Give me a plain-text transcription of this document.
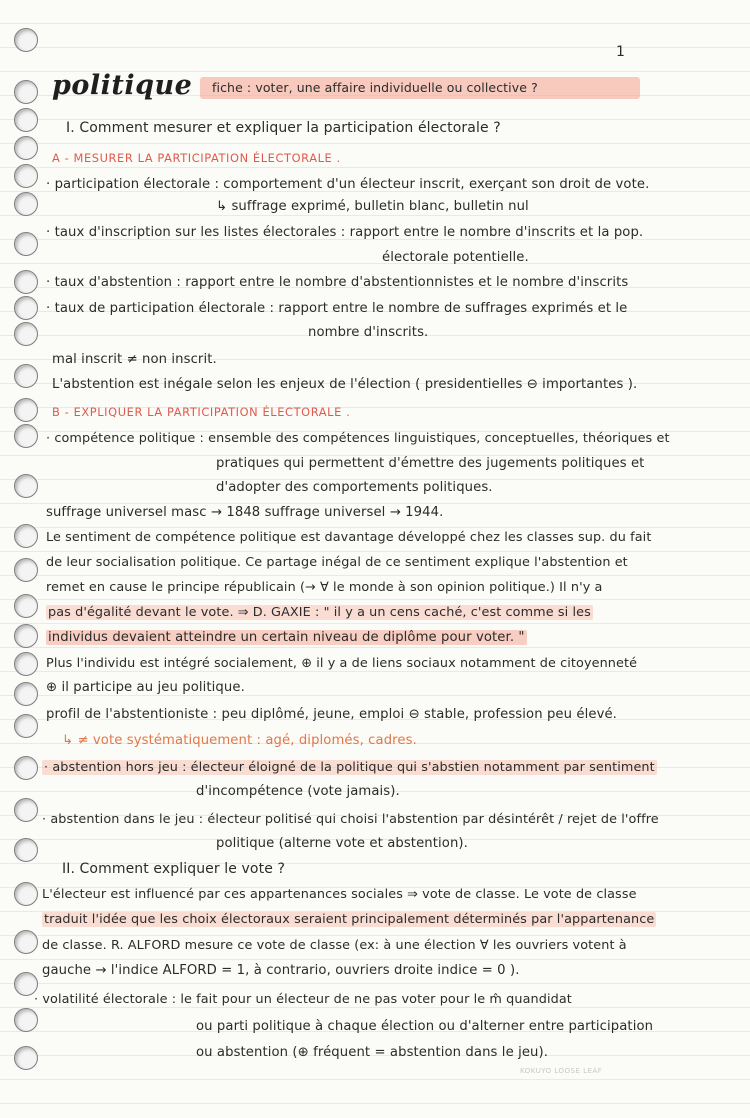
1
politique fiche : voter, une affaire individuelle ou collective ?
I. Comment mesurer et expliquer la participation électorale ?
A - MESURER LA PARTICIPATION ÉLECTORALE .
· participation électorale : comportement d'un électeur inscrit, exerçant son droit de vote.
↳ suffrage exprimé, bulletin blanc, bulletin nul
· taux d'inscription sur les listes électorales : rapport entre le nombre d'inscrits et la pop.
électorale potentielle.
· taux d'abstention : rapport entre le nombre d'abstentionnistes et le nombre d'inscrits
· taux de participation électorale : rapport entre le nombre de suffrages exprimés et le
nombre d'inscrits.
mal inscrit ≠ non inscrit.
L'abstention est inégale selon les enjeux de l'élection ( presidentielles ⊖ importantes ).
B - EXPLIQUER LA PARTICIPATION ÉLECTORALE .
· compétence politique : ensemble des compétences linguistiques, conceptuelles, théoriques et
pratiques qui permettent d'émettre des jugements politiques et
d'adopter des comportements politiques.
suffrage universel masc → 1848 suffrage universel → 1944.
Le sentiment de compétence politique est davantage développé chez les classes sup. du fait
de leur socialisation politique. Ce partage inégal de ce sentiment explique l'abstention et
remet en cause le principe républicain (→ ∀ le monde à son opinion politique.) Il n'y a
pas d'égalité devant le vote. ⇒ D. GAXIE : " il y a un cens caché, c'est comme si les
individus devaient atteindre un certain niveau de diplôme pour voter. "
Plus l'individu est intégré socialement, ⊕ il y a de liens sociaux notamment de citoyenneté
⊕ il participe au jeu politique.
profil de l'abstentioniste : peu diplômé, jeune, emploi ⊖ stable, profession peu élevé.
↳ ≠ vote systématiquement : agé, diplomés, cadres.
· abstention hors jeu : électeur éloigné de la politique qui s'abstien notamment par sentiment
d'incompétence (vote jamais).
· abstention dans le jeu : électeur politisé qui choisi l'abstention par désintérêt / rejet de l'offre
politique (alterne vote et abstention).
II. Comment expliquer le vote ?
L'électeur est influencé par ces appartenances sociales ⇒ vote de classe. Le vote de classe
traduit l'idée que les choix électoraux seraient principalement déterminés par l'appartenance
de classe. R. ALFORD mesure ce vote de classe (ex: à une élection ∀ les ouvriers votent à
gauche → l'indice ALFORD = 1, à contrario, ouvriers droite indice = 0 ).
· volatilité électorale : le fait pour un électeur de ne pas voter pour le m̂ quandidat
ou parti politique à chaque élection ou d'alterner entre participation
ou abstention (⊕ fréquent = abstention dans le jeu).
KOKUYO LOOSE LEAF
